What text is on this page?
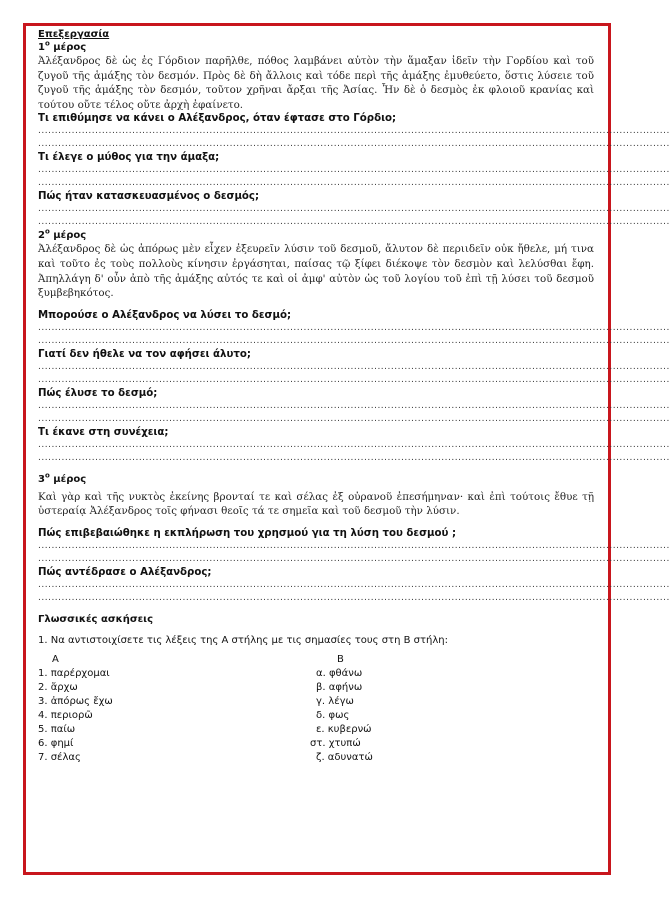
Επεξεργασία
$1^o$ μέρος
Ἀλέξανδρος δὲ ὡς ἐς Γόρδιον παρῆλθε, πόθος λαμβάνει αὐτὸν τὴν ἅμαξαν ἰδεῖν τὴν Γορδίου καὶ τοῦ ζυγοῦ τῆς ἁμάξης τὸν δεσμόν. Πρὸς δὲ δὴ ἄλλοις καὶ τόδε περὶ τῆς ἁμάξης ἐμυθεύετο, ὅστις λύσειε τοῦ ζυγοῦ τῆς ἁμάξης τὸν δεσμόν, τοῦτον χρῆναι ἄρξαι τῆς Ἀσίας. Ἦν δὲ ὁ δεσμὸς ἐκ φλοιοῦ κρανίας καὶ τούτου οὔτε τέλος οὔτε ἀρχὴ ἐφαίνετο.
Τι επιθύμησε να κάνει ο Αλέξανδρος, όταν έφτασε στο Γόρδιο;
............................................................................................................................................................................................
............................................................................................................................................................................................
Τι έλεγε ο μύθος για την άμαξα;
............................................................................................................................................................................................
............................................................................................................................................................................................
Πώς ήταν κατασκευασμένος ο δεσμός;
............................................................................................................................................................................................
............................................................................................................................................................................................
$2^o$ μέρος
Ἀλέξανδρος δὲ ὡς ἀπόρως μὲν εἶχεν ἐξευρεῖν λύσιν τοῦ δεσμοῦ, ἄλυτον δὲ περιιδεῖν οὐκ ἤθελε, μή τινα καὶ τοῦτο ἐς τοὺς πολλοὺς κίνησιν ἐργάσηται, παίσας τῷ ξίφει διέκοψε τὸν δεσμὸν καὶ λελύσθαι ἔφη. Ἀπηλλάγη δ' οὖν ἀπὸ τῆς ἁμάξης αὐτός τε καὶ οἱ ἀμφ' αὐτὸν ὡς τοῦ λογίου τοῦ ἐπὶ τῇ λύσει τοῦ δεσμοῦ ξυμβεβηκότος.
Μπορούσε ο Αλέξανδρος να λύσει το δεσμό;
............................................................................................................................................................................................
............................................................................................................................................................................................
Γιατί δεν ήθελε να τον αφήσει άλυτο;
............................................................................................................................................................................................
............................................................................................................................................................................................
Πώς έλυσε το δεσμό;
............................................................................................................................................................................................
............................................................................................................................................................................................
Τι έκανε στη συνέχεια;
............................................................................................................................................................................................
............................................................................................................................................................................................
$3^o$ μέρος
Καὶ γὰρ καὶ τῆς νυκτὸς ἐκείνης βρονταί τε καὶ σέλας ἐξ οὐρανοῦ ἐπεσήμηναν· καὶ ἐπὶ τούτοις ἔθυε τῇ ὑστεραίᾳ Ἀλέξανδρος τοῖς φήνασι θεοῖς τά τε σημεῖα καὶ τοῦ δεσμοῦ τὴν λύσιν.
Πώς επιβεβαιώθηκε η εκπλήρωση του χρησμού για τη λύση του δεσμού ;
............................................................................................................................................................................................
............................................................................................................................................................................................
Πώς αντέδρασε ο Αλέξανδρος;
............................................................................................................................................................................................
............................................................................................................................................................................................
Γλωσσικές ασκήσεις
1. Να αντιστοιχίσετε τις λέξεις της Α στήλης με τις σημασίες τους στη Β στήλη:
Α	Β
1. παρέρχομαι	α. φθάνω
2. ἄρχω	β. αφήνω
3. ἀπόρως ἔχω	γ. λέγω
4. περιορῶ	δ. φως
5. παίω	ε. κυβερνώ
6. φημί	στ. χτυπώ
7. σέλας	ζ. αδυνατώ
